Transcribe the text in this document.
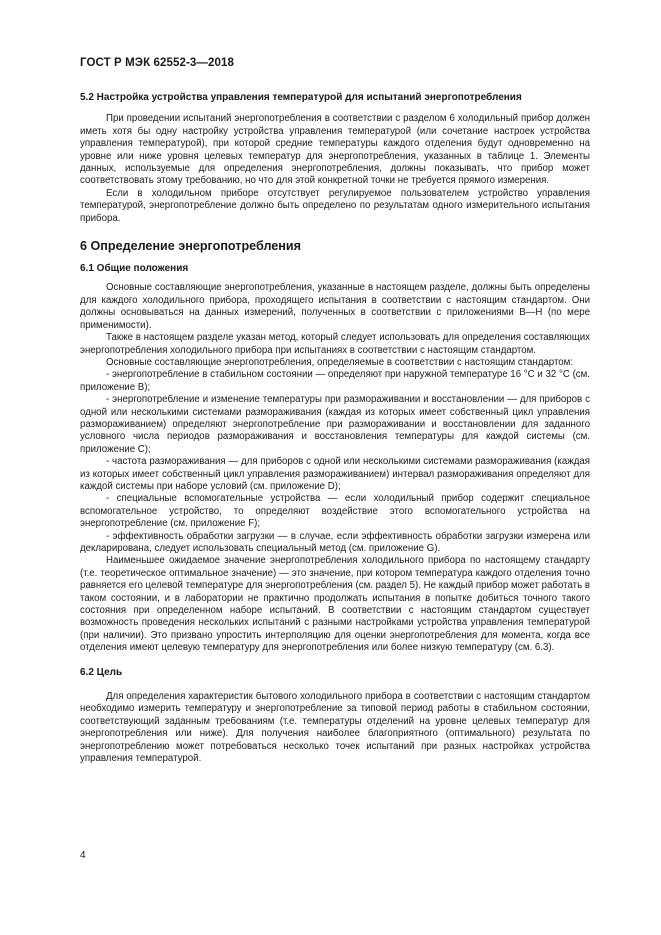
ГОСТ Р МЭК 62552-3—2018

5.2 Настройка устройства управления температурой для испытаний энергопотребления

При проведении испытаний энергопотребления в соответствии с разделом 6 холодильный прибор должен иметь хотя бы одну настройку устройства управления температурой (или сочетание настроек устройства управления температурой), при которой средние температуры каждого отделения будут одновременно на уровне или ниже уровня целевых температур для энергопотребления, указанных в таблице 1. Элементы данных, используемые для определения энергопотребления, должны показывать, что прибор может соответствовать этому требованию, но что для этой конкретной точки не требуется прямого измерения.

Если в холодильном приборе отсутствует регулируемое пользователем устройство управления температурой, энергопотребление должно быть определено по результатам одного измерительного испытания прибора.

6 Определение энергопотребления

6.1 Общие положения

Основные составляющие энергопотребления, указанные в настоящем разделе, должны быть определены для каждого холодильного прибора, проходящего испытания в соответствии с настоящим стандартом. Они должны основываться на данных измерений, полученных в соответствии с приложениями B—H (по мере применимости).

Также в настоящем разделе указан метод, который следует использовать для определения составляющих энергопотребления холодильного прибора при испытаниях в соответствии с настоящим стандартом.

Основные составляющие энергопотребления, определяемые в соответствии с настоящим стандартом:

- энергопотребление в стабильном состоянии — определяют при наружной температуре 16 °С и 32 °С (см. приложение B);

- энергопотребление и изменение температуры при размораживании и восстановлении — для приборов с одной или несколькими системами размораживания (каждая из которых имеет собственный цикл управления размораживанием) определяют энергопотребление при размораживании и восстановлении для заданного условного числа периодов размораживания и восстановления температуры для каждой системы (см. приложение C);

- частота размораживания — для приборов с одной или несколькими системами размораживания (каждая из которых имеет собственный цикл управления размораживанием) интервал размораживания определяют для каждой системы при наборе условий (см. приложение D);

- специальные вспомогательные устройства — если холодильный прибор содержит специальное вспомогательное устройство, то определяют воздействие этого вспомогательного устройства на энергопотребление (см. приложение F);

- эффективность обработки загрузки — в случае, если эффективность обработки загрузки измерена или декларирована, следует использовать специальный метод (см. приложение G).

Наименьшее ожидаемое значение энергопотребления холодильного прибора по настоящему стандарту (т.е. теоретическое оптимальное значение) — это значение, при котором температура каждого отделения точно равняется его целевой температуре для энергопотребления (см. раздел 5). Не каждый прибор может работать в таком состоянии, и в лаборатории не практично продолжать испытания в попытке добиться точного такого состояния при определенном наборе испытаний. В соответствии с настоящим стандартом существует возможность проведения нескольких испытаний с разными настройками устройства управления температурой (при наличии). Это призвано упростить интерполяцию для оценки энергопотребления для момента, когда все отделения имеют целевую температуру для энергопотребления или более низкую температуру (см. 6.3).

6.2 Цель

Для определения характеристик бытового холодильного прибора в соответствии с настоящим стандартом необходимо измерить температуру и энергопотребление за типовой период работы в стабильном состоянии, соответствующий заданным требованиям (т.е. температуры отделений на уровне целевых температур для энергопотребления или ниже). Для получения наиболее благоприятного (оптимального) результата по энергопотреблению может потребоваться несколько точек испытаний при разных настройках устройства управления температурой.

4
